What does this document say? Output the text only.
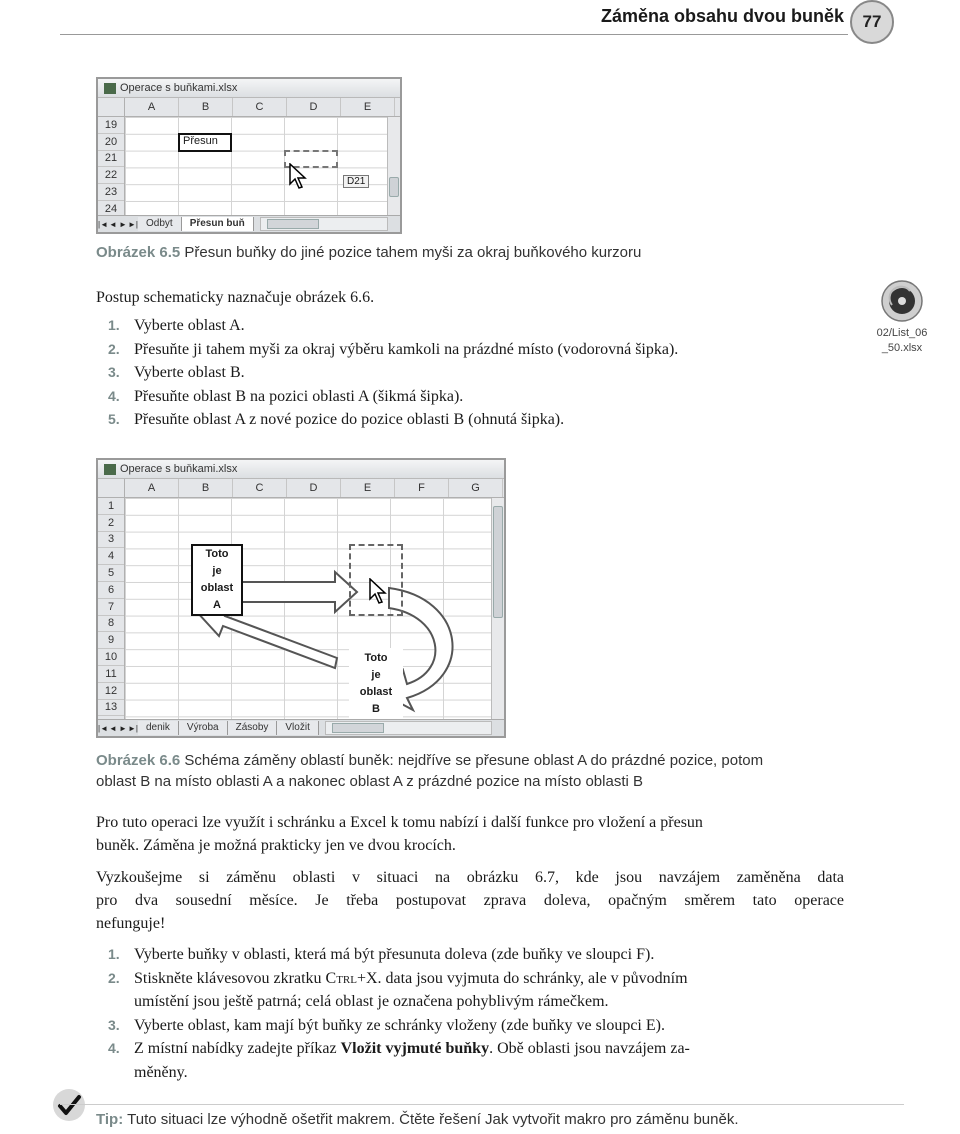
Záměna obsahu dvou buněk	77
Operace s buňkami.xlsx
A	B	C	D	E
19
20
21
22
23
24
Přesun
D21
|◄ ◄ ► ►| Odbyt	Přesun buň
Obrázek 6.5 Přesun buňky do jiné pozice tahem myši za okraj buňkového kurzoru
Postup schematicky naznačuje obrázek 6.6.
1. Vyberte oblast A.
2. Přesuňte ji tahem myši za okraj výběru kamkoli na prázdné místo (vodorovná šipka).
3. Vyberte oblast B.
4. Přesuňte oblast B na pozici oblasti A (šikmá šipka).
5. Přesuňte oblast A z nové pozice do pozice oblasti B (ohnutá šipka).
02/List_06
_50.xlsx
Operace s buňkami.xlsx
A	B	C	D	E	F	G
1
2
3
4
5
6
7
8
9
10
11
12
13
Toto
je
oblast
A
Toto
je
oblast
B
|◄ ◄ ► ►| denik	Výroba	Zásoby	Vložit
Obrázek 6.6 Schéma záměny oblastí buněk: nejdříve se přesune oblast A do prázdné pozice, potom
oblast B na místo oblasti A a nakonec oblast A z prázdné pozice na místo oblasti B
Pro tuto operaci lze využít i schránku a Excel k tomu nabízí i další funkce pro vložení a přesun
buněk. Záměna je možná prakticky jen ve dvou krocích.
Vyzkoušejme si záměnu oblasti v situaci na obrázku 6.7, kde jsou navzájem zaměněna data
pro dva sousední měsíce. Je třeba postupovat zprava doleva, opačným směrem tato operace
nefunguje!
1. Vyberte buňky v oblasti, která má být přesunuta doleva (zde buňky ve sloupci F).
2. Stiskněte klávesovou zkratku Ctrl+X. data jsou vyjmuta do schránky, ale v původním
umístění jsou ještě patrná; celá oblast je označena pohyblivým rámečkem.
3. Vyberte oblast, kam mají být buňky ze schránky vloženy (zde buňky ve sloupci E).
4. Z místní nabídky zadejte příkaz Vložit vyjmuté buňky. Obě oblasti jsou navzájem za-
měněny.
Tip: Tuto situaci lze výhodně ošetřit makrem. Čtěte řešení Jak vytvořit makro pro záměnu buněk.
